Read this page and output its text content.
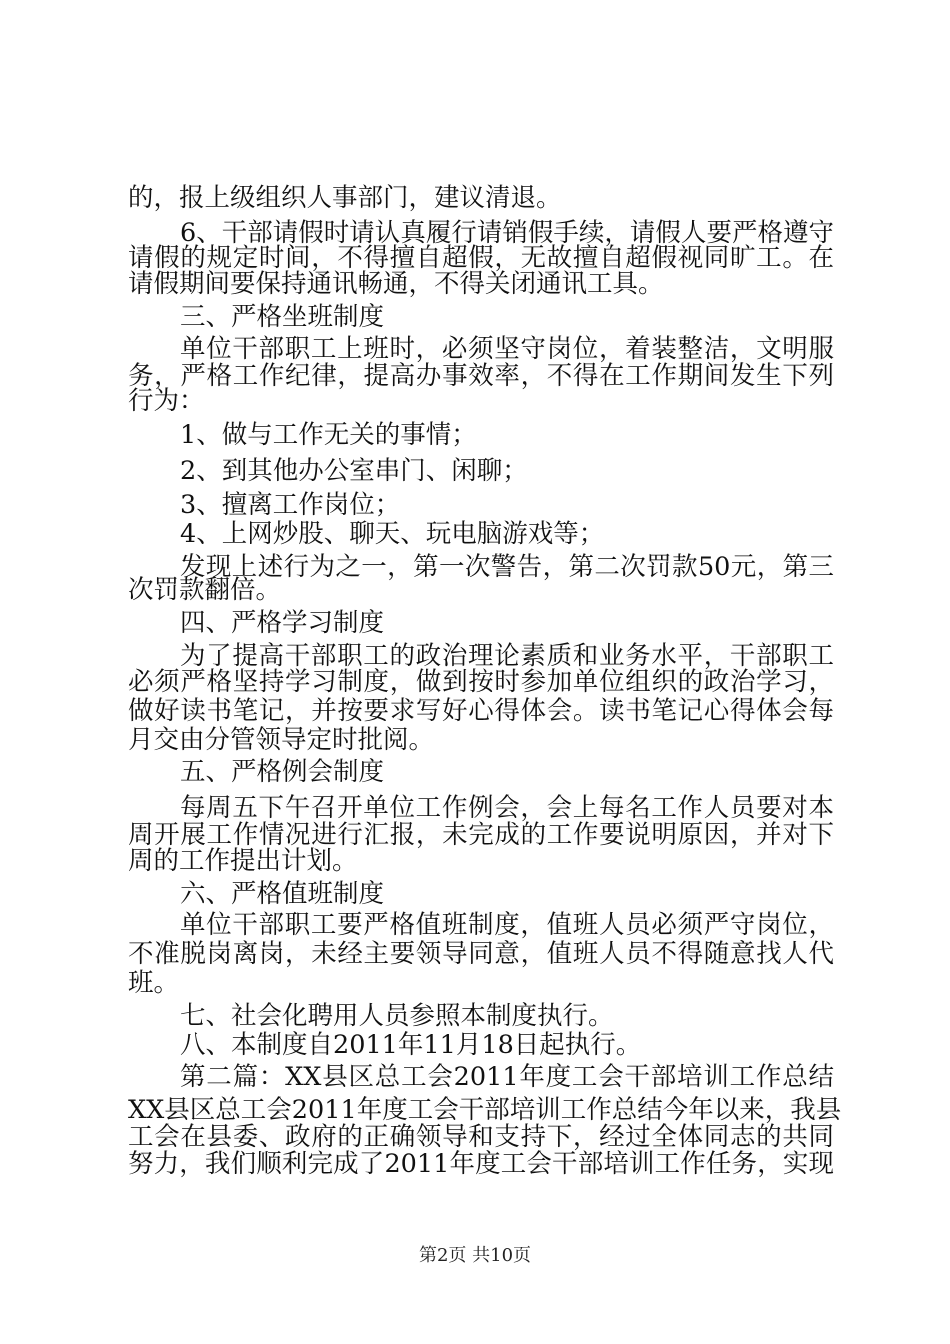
的，报上级组织人事部门，建议清退。
6、干部请假时请认真履行请销假手续，请假人要严格遵守
请假的规定时间，不得擅自超假，无故擅自超假视同旷工。在
请假期间要保持通讯畅通，不得关闭通讯工具。
三、严格坐班制度
单位干部职工上班时，必须坚守岗位，着装整洁，文明服
务，严格工作纪律，提高办事效率，不得在工作期间发生下列
行为：
1、做与工作无关的事情；
2、到其他办公室串门、闲聊；
3、擅离工作岗位；
4、上网炒股、聊天、玩电脑游戏等；
发现上述行为之一，第一次警告，第二次罚款50元，第三
次罚款翻倍。
四、严格学习制度
为了提高干部职工的政治理论素质和业务水平，干部职工
必须严格坚持学习制度，做到按时参加单位组织的政治学习，
做好读书笔记，并按要求写好心得体会。读书笔记心得体会每
月交由分管领导定时批阅。
五、严格例会制度
每周五下午召开单位工作例会，会上每名工作人员要对本
周开展工作情况进行汇报，未完成的工作要说明原因，并对下
周的工作提出计划。
六、严格值班制度
单位干部职工要严格值班制度，值班人员必须严守岗位，
不准脱岗离岗，未经主要领导同意，值班人员不得随意找人代
班。
七、社会化聘用人员参照本制度执行。
八、本制度自2011年11月18日起执行。
第二篇：XX县区总工会2011年度工会干部培训工作总结
XX县区总工会2011年度工会干部培训工作总结今年以来，我县
工会在县委、政府的正确领导和支持下，经过全体同志的共同
努力，我们顺利完成了2011年度工会干部培训工作任务，实现
第2页 共10页
